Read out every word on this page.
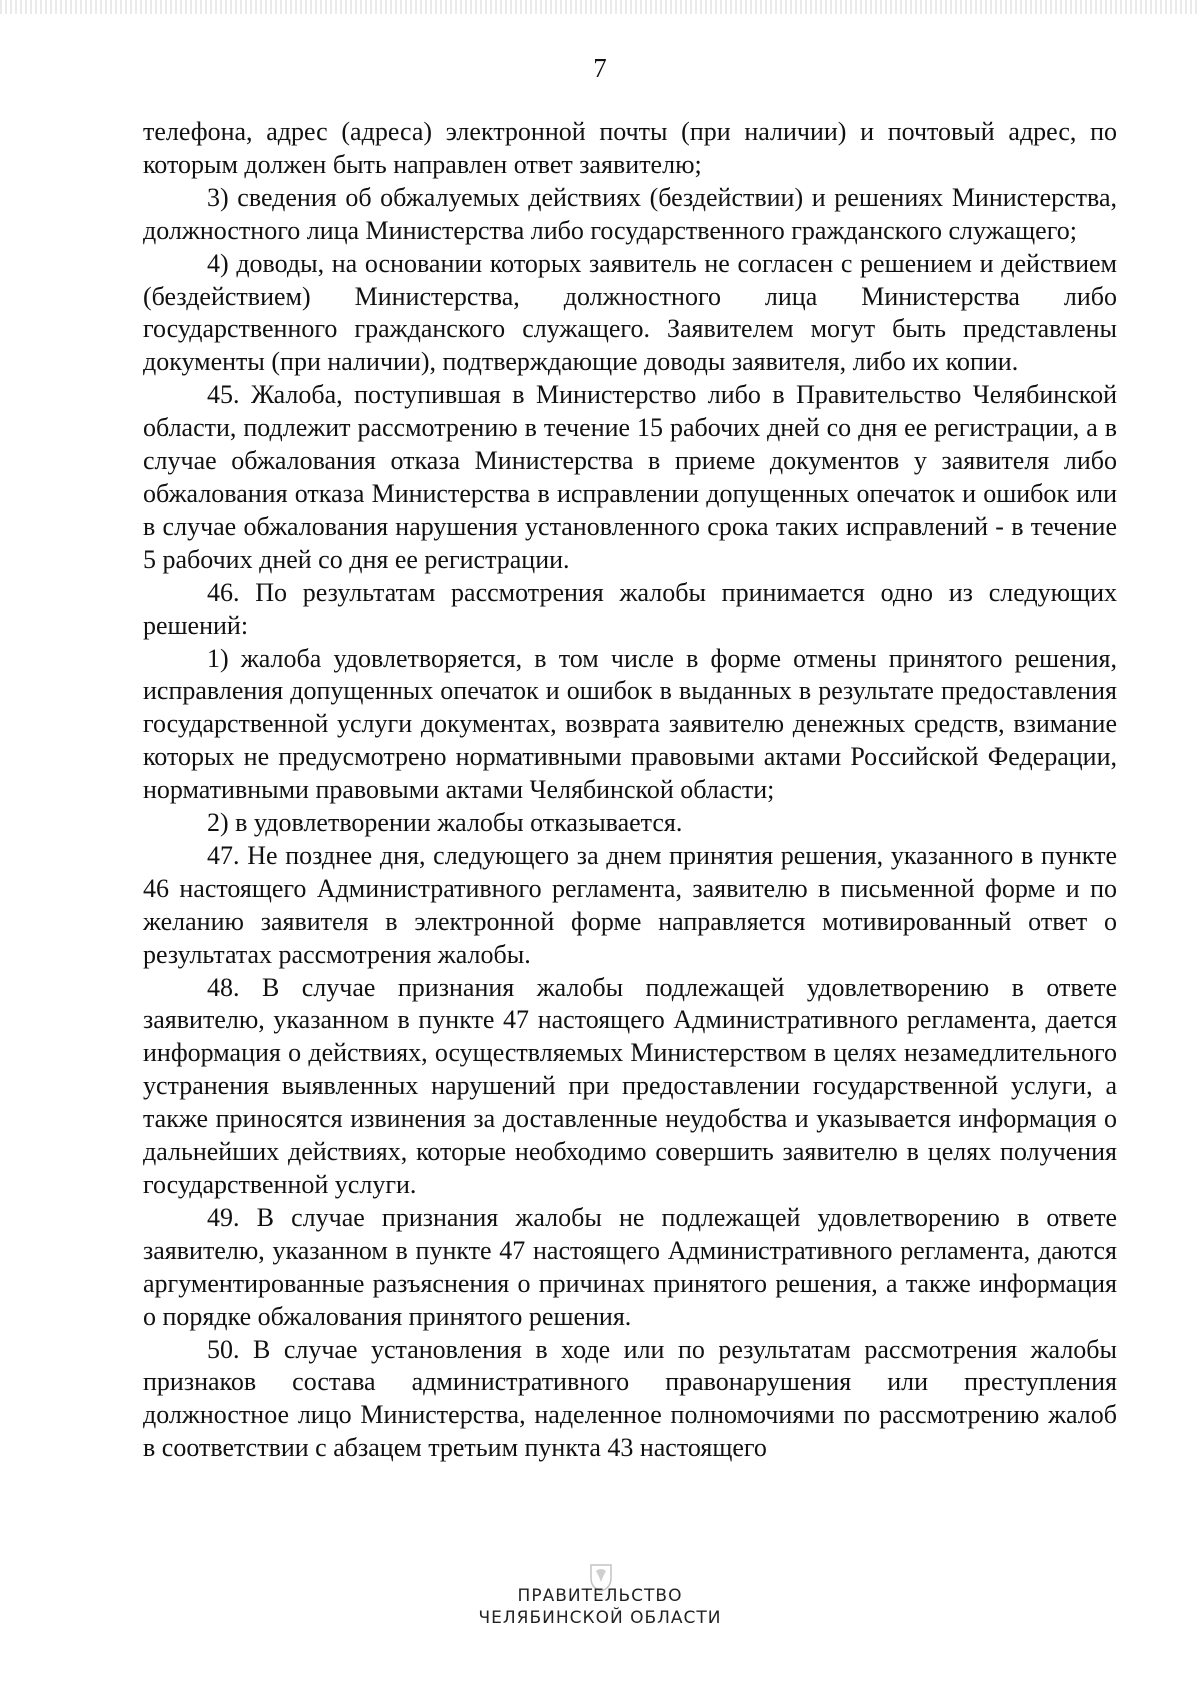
7

телефона, адрес (адреса) электронной почты (при наличии) и почтовый адрес, по которым должен быть направлен ответ заявителю;

3) сведения об обжалуемых действиях (бездействии) и решениях Министерства, должностного лица Министерства либо государственного гражданского служащего;

4) доводы, на основании которых заявитель не согласен с решением и действием (бездействием) Министерства, должностного лица Министерства либо государственного гражданского служащего. Заявителем могут быть представлены документы (при наличии), подтверждающие доводы заявителя, либо их копии.

45. Жалоба, поступившая в Министерство либо в Правительство Челябинской области, подлежит рассмотрению в течение 15 рабочих дней со дня ее регистрации, а в случае обжалования отказа Министерства в приеме документов у заявителя либо обжалования отказа Министерства в исправлении допущенных опечаток и ошибок или в случае обжалования нарушения установленного срока таких исправлений - в течение 5 рабочих дней со дня ее регистрации.

46. По результатам рассмотрения жалобы принимается одно из следующих решений:

1) жалоба удовлетворяется, в том числе в форме отмены принятого решения, исправления допущенных опечаток и ошибок в выданных в результате предоставления государственной услуги документах, возврата заявителю денежных средств, взимание которых не предусмотрено нормативными правовыми актами Российской Федерации, нормативными правовыми актами Челябинской области;

2) в удовлетворении жалобы отказывается.

47. Не позднее дня, следующего за днем принятия решения, указанного в пункте 46 настоящего Административного регламента, заявителю в письменной форме и по желанию заявителя в электронной форме направляется мотивированный ответ о результатах рассмотрения жалобы.

48. В случае признания жалобы подлежащей удовлетворению в ответе заявителю, указанном в пункте 47 настоящего Административного регламента, дается информация о действиях, осуществляемых Министерством в целях незамедлительного устранения выявленных нарушений при предоставлении государственной услуги, а также приносятся извинения за доставленные неудобства и указывается информация о дальнейших действиях, которые необходимо совершить заявителю в целях получения государственной услуги.

49. В случае признания жалобы не подлежащей удовлетворению в ответе заявителю, указанном в пункте 47 настоящего Административного регламента, даются аргументированные разъяснения о причинах принятого решения, а также информация о порядке обжалования принятого решения.

50. В случае установления в ходе или по результатам рассмотрения жалобы признаков состава административного правонарушения или преступления должностное лицо Министерства, наделенное полномочиями по рассмотрению жалоб в соответствии с абзацем третьим пункта 43 настоящего

ПРАВИТЕЛЬСТВО
ЧЕЛЯБИНСКОЙ ОБЛАСТИ
